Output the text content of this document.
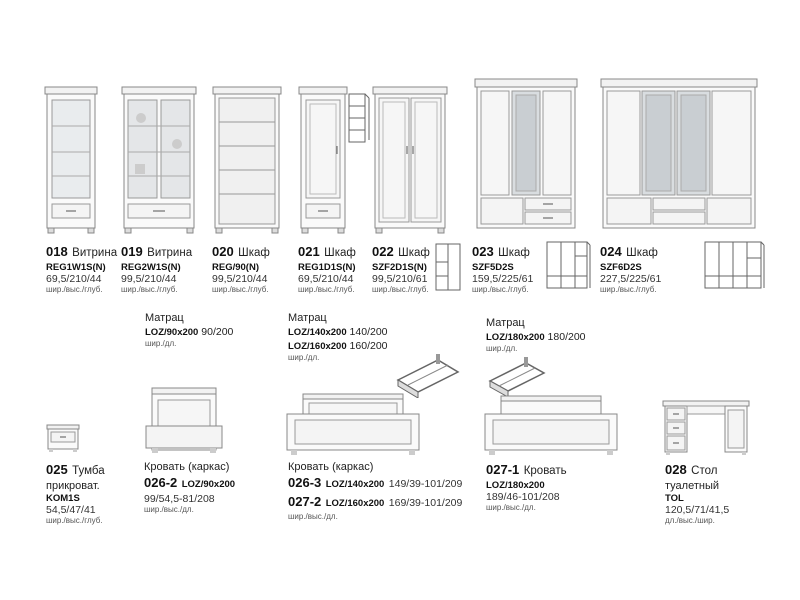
018 Витрина
REG1W1S(N)
69,5/210/44
шир./выс./глуб.
019 Витрина
REG2W1S(N)
99,5/210/44
шир./выс./глуб.
020 Шкаф
REG/90(N)
99,5/210/44
шир./выс./глуб.
021 Шкаф
REG1D1S(N)
69,5/210/44
шир./выс./глуб.
022 Шкаф
SZF2D1S(N)
99,5/210/61
шир./выс./глуб.
023 Шкаф
SZF5D2S
159,5/225/61
шир./выс./глуб.
024 Шкаф
SZF6D2S
227,5/225/61
шир./выс./глуб.
Матрац
LOZ/90x200 90/200
шир./дл.
Матрац
LOZ/140x200 140/200
LOZ/160x200 160/200
шир./дл.
Матрац
LOZ/180x200 180/200
шир./дл.
025 Тумба
прикроват.
KOM1S
54,5/47/41
шир./выс./глуб.
Кровать (каркас)
026-2 LOZ/90x200
99/54,5-81/208
шир./выс./дл.
Кровать (каркас)
026-3 LOZ/140x200 149/39-101/209
027-2 LOZ/160x200 169/39-101/209
шир./выс./дл.
027-1 Кровать
LOZ/180x200
189/46-101/208
шир./выс./дл.
028 Стол
туалетный
TOL
120,5/71/41,5
дл./выс./шир.
